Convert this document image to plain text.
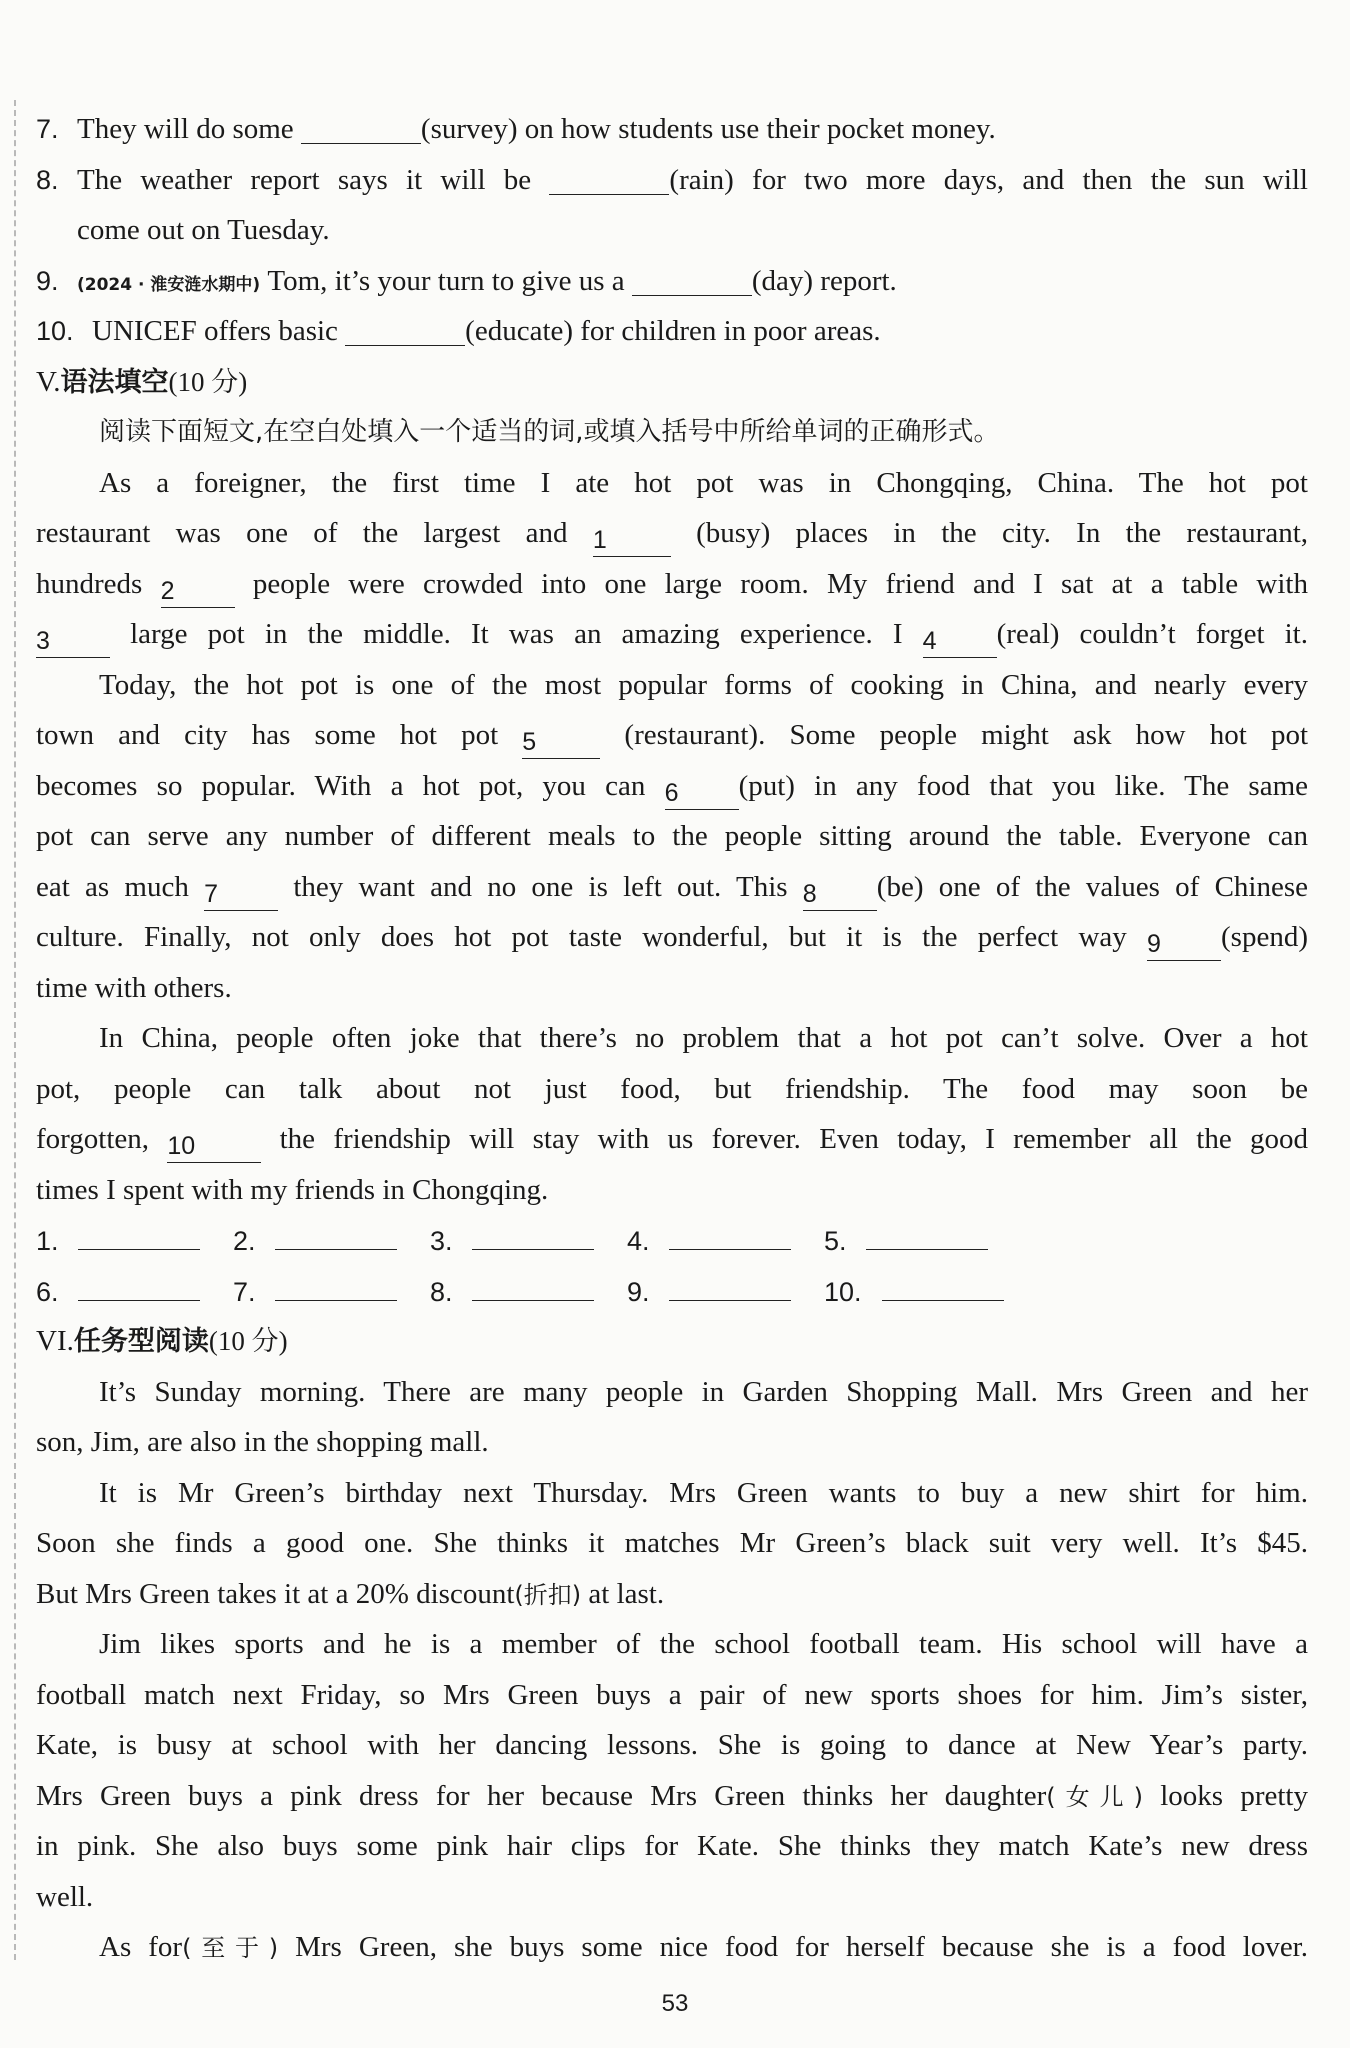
7. They will do some	(survey) on how students use their pocket money.
8. The weather report says it will be	(rain) for two more days, and then the sun will
come out on Tuesday.
9. (2024 · 淮安涟水期中) Tom, it’s your turn to give us a	(day) report.
10. UNICEF offers basic	(educate) for children in poor areas.
V.语法填空(10 分)
阅读下面短文,在空白处填入一个适当的词,或填入括号中所给单词的正确形式。
As a foreigner, the first time I ate hot pot was in Chongqing, China. The hot pot
restaurant was one of the largest and 1 (busy) places in the city. In the restaurant,
hundreds 2 people were crowded into one large room. My friend and I sat at a table with
3 large pot in the middle. It was an amazing experience. I 4 (real) couldn’t forget it.
Today, the hot pot is one of the most popular forms of cooking in China, and nearly every
town and city has some hot pot 5 (restaurant). Some people might ask how hot pot
becomes so popular. With a hot pot, you can 6 (put) in any food that you like. The same
pot can serve any number of different meals to the people sitting around the table. Everyone can
eat as much 7 they want and no one is left out. This 8 (be) one of the values of Chinese
culture. Finally, not only does hot pot taste wonderful, but it is the perfect way 9 (spend)
time with others.
In China, people often joke that there’s no problem that a hot pot can’t solve. Over a hot
pot, people can talk about not just food, but friendship. The food may soon be
forgotten, 10 the friendship will stay with us forever. Even today, I remember all the good
times I spent with my friends in Chongqing.
1.	2.	3.	4.	5.
6.	7.	8.	9.	10.
VI.任务型阅读(10 分)
It’s Sunday morning. There are many people in Garden Shopping Mall. Mrs Green and her
son, Jim, are also in the shopping mall.
It is Mr Green’s birthday next Thursday. Mrs Green wants to buy a new shirt for him.
Soon she finds a good one. She thinks it matches Mr Green’s black suit very well. It’s $45.
But Mrs Green takes it at a 20% discount(折扣) at last.
Jim likes sports and he is a member of the school football team. His school will have a
football match next Friday, so Mrs Green buys a pair of new sports shoes for him. Jim’s sister,
Kate, is busy at school with her dancing lessons. She is going to dance at New Year’s party.
Mrs Green buys a pink dress for her because Mrs Green thinks her daughter(女儿) looks pretty
in pink. She also buys some pink hair clips for Kate. She thinks they match Kate’s new dress
well.
As for(至于) Mrs Green, she buys some nice food for herself because she is a food lover.
53
